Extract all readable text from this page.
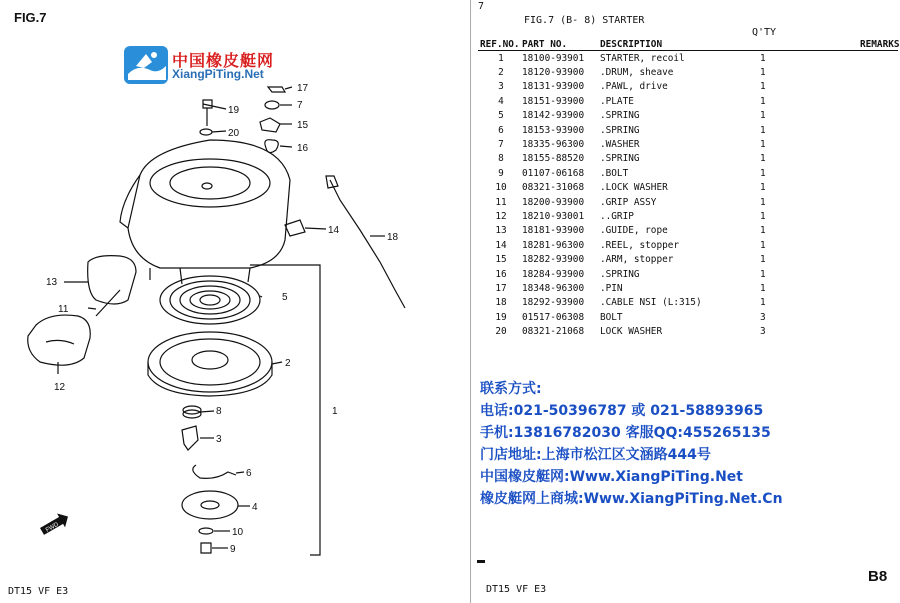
FIG.7
中国橡皮艇网
XiangPiTing.Net
17
7
19
15
20
16
14
18
13
5
11
2
12
1
8
3
6
4
10
9
FWD
DT15 VF E3
7
FIG.7 (B- 8) STARTER
Q'TY
REF.NO.	PART NO.	DESCRIPTION		REMARKS
1	18100-93901	STARTER, recoil	1	
2	18120-93900	.DRUM, sheave	1	
3	18131-93900	.PAWL, drive	1	
4	18151-93900	.PLATE	1	
5	18142-93900	.SPRING	1	
6	18153-93900	.SPRING	1	
7	18335-96300	.WASHER	1	
8	18155-88520	.SPRING	1	
9	01107-06168	.BOLT	1	
10	08321-31068	.LOCK WASHER	1	
11	18200-93900	.GRIP ASSY	1	
12	18210-93001	..GRIP	1	
13	18181-93900	.GUIDE, rope	1	
14	18281-96300	.REEL, stopper	1	
15	18282-93900	.ARM, stopper	1	
16	18284-93900	.SPRING	1	
17	18348-96300	.PIN	1	
18	18292-93900	.CABLE NSI (L:315)	1	
19	01517-06308	BOLT	3	
20	08321-21068	LOCK WASHER	3	
联系方式:
电话:021-50396787 或 021-58893965
手机:13816782030 客服QQ:455265135
门店地址:上海市松江区文涵路444号
中国橡皮艇网:Www.XiangPiTing.Net
橡皮艇网上商城:Www.XiangPiTing.Net.Cn
DT15 VF E3
B8
